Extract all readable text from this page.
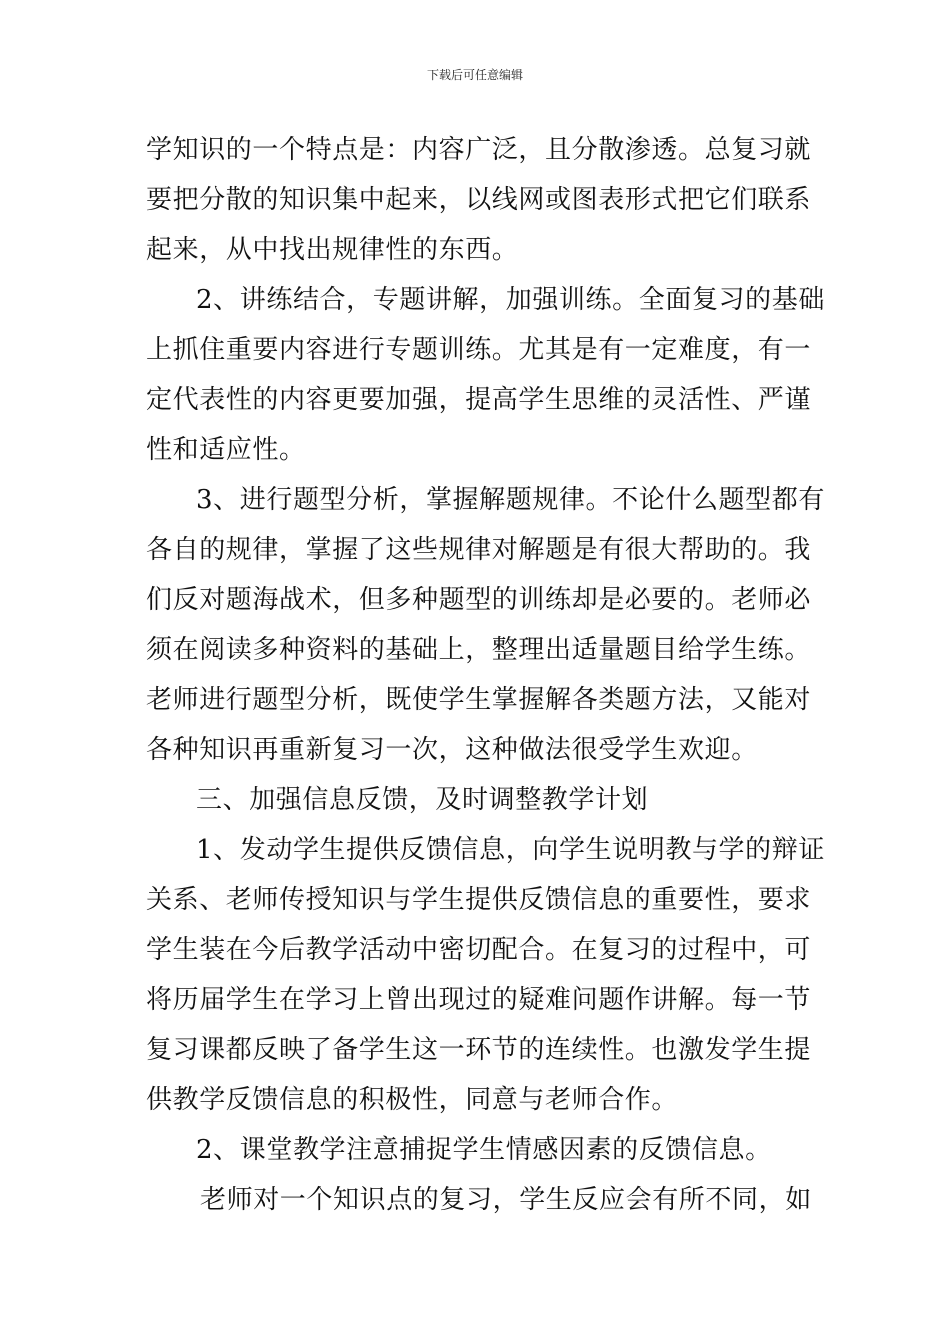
下载后可任意编辑
学知识的一个特点是：内容广泛，且分散渗透。总复习就
要把分散的知识集中起来，以线网或图表形式把它们联系
起来，从中找出规律性的东西。
2、讲练结合，专题讲解，加强训练。全面复习的基础
上抓住重要内容进行专题训练。尤其是有一定难度，有一
定代表性的内容更要加强，提高学生思维的灵活性、严谨
性和适应性。
3、进行题型分析，掌握解题规律。不论什么题型都有
各自的规律，掌握了这些规律对解题是有很大帮助的。我
们反对题海战术，但多种题型的训练却是必要的。老师必
须在阅读多种资料的基础上，整理出适量题目给学生练。
老师进行题型分析，既使学生掌握解各类题方法，又能对
各种知识再重新复习一次，这种做法很受学生欢迎。
三、加强信息反馈，及时调整教学计划
1、发动学生提供反馈信息，向学生说明教与学的辩证
关系、老师传授知识与学生提供反馈信息的重要性，要求
学生装在今后教学活动中密切配合。在复习的过程中，可
将历届学生在学习上曾出现过的疑难问题作讲解。每一节
复习课都反映了备学生这一环节的连续性。也激发学生提
供教学反馈信息的积极性，同意与老师合作。
2、课堂教学注意捕捉学生情感因素的反馈信息。
老师对一个知识点的复习，学生反应会有所不同，如
